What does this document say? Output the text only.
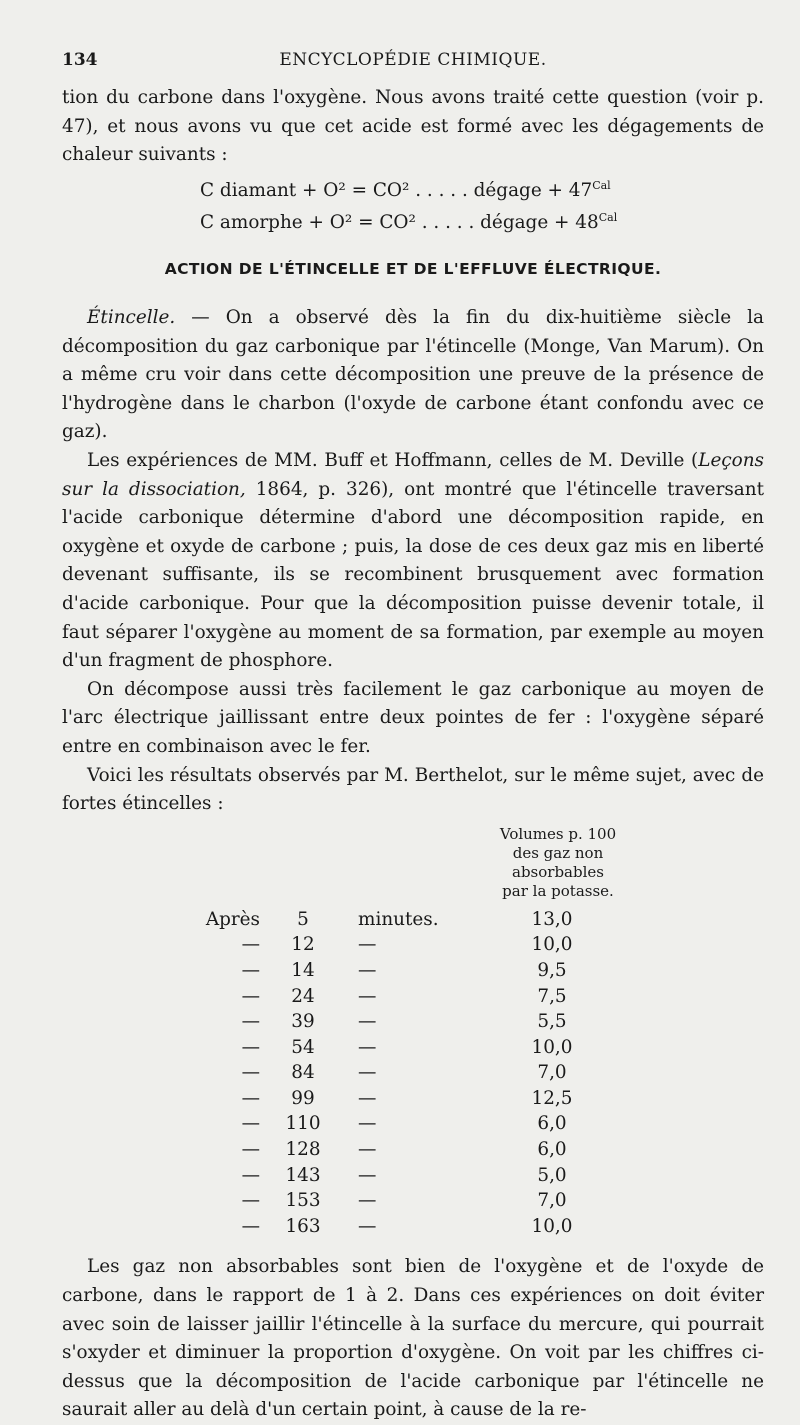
134	ENCYCLOPÉDIE CHIMIQUE.

tion du carbone dans l'oxygène. Nous avons traité cette question (voir p. 47), et nous avons vu que cet acide est formé avec les dégagements de chaleur suivants :

C diamant + O² = CO² . . . . . dégage + $47^{Cal}$
C amorphe + O² = CO² . . . . . dégage + $48^{Cal}$
ACTION DE L'ÉTINCELLE ET DE L'EFFLUVE ÉLECTRIQUE.

Étincelle. — On a observé dès la fin du dix-huitième siècle la décomposition du gaz carbonique par l'étincelle (Monge, Van Marum). On a même cru voir dans cette décomposition une preuve de la présence de l'hydrogène dans le charbon (l'oxyde de carbone étant confondu avec ce gaz).

Les expériences de MM. Buff et Hoffmann, celles de M. Deville (Leçons sur la dissociation, 1864, p. 326), ont montré que l'étincelle traversant l'acide carbonique détermine d'abord une décomposition rapide, en oxygène et oxyde de carbone ; puis, la dose de ces deux gaz mis en liberté devenant suffisante, ils se recombinent brusquement avec formation d'acide carbonique. Pour que la décomposition puisse devenir totale, il faut séparer l'oxygène au moment de sa formation, par exemple au moyen d'un fragment de phosphore.

On décompose aussi très facilement le gaz carbonique au moyen de l'arc électrique jaillissant entre deux pointes de fer : l'oxygène séparé entre en combinaison avec le fer.

Voici les résultats observés par M. Berthelot, sur le même sujet, avec de fortes étincelles :

Volumes p. 100
des gaz non absorbables
par la potasse.
Après	5	minutes.	13,0
—	12	—	10,0
—	14	—	9,5
—	24	—	7,5
—	39	—	5,5
—	54	—	10,0
—	84	—	7,0
—	99	—	12,5
—	110	—	6,0
—	128	—	6,0
—	143	—	5,0
—	153	—	7,0
—	163	—	10,0

Les gaz non absorbables sont bien de l'oxygène et de l'oxyde de carbone, dans le rapport de 1 à 2. Dans ces expériences on doit éviter avec soin de laisser jaillir l'étincelle à la surface du mercure, qui pourrait s'oxyder et diminuer la proportion d'oxygène. On voit par les chiffres ci-dessus que la décomposition de l'acide carbonique par l'étincelle ne saurait aller au delà d'un certain point, à cause de la re-
